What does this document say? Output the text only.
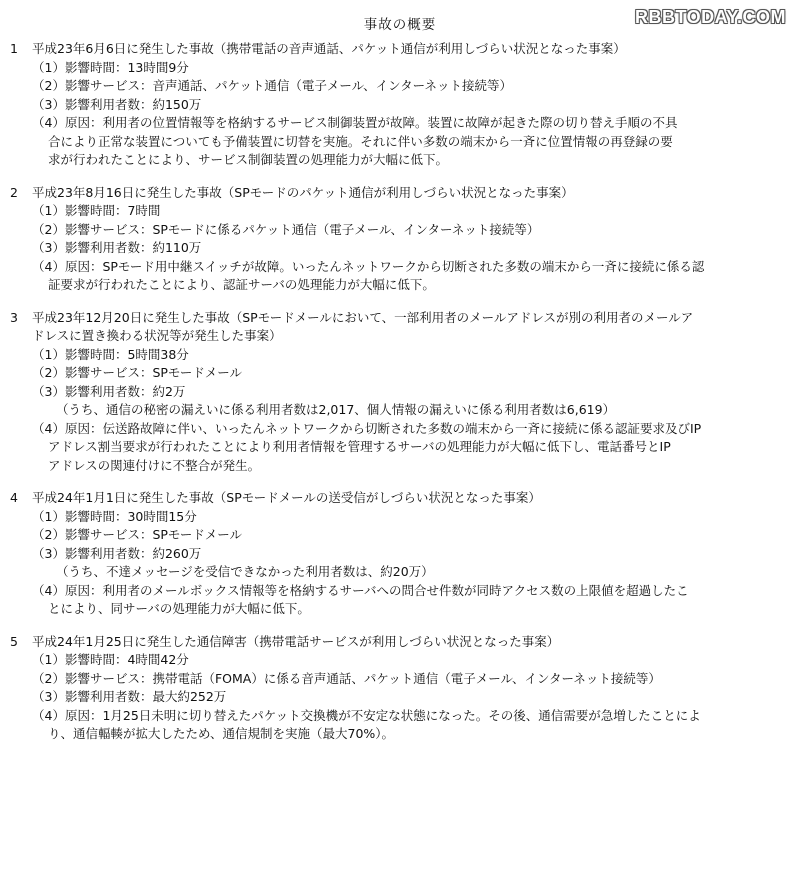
RBBTODAY.COM
事故の概要
1	平成23年6月6日に発生した事故（携帯電話の音声通話、パケット通信が利用しづらい状況となった事案）
（1）影響時間：13時間9分
（2）影響サービス：音声通話、パケット通信（電子メール、インターネット接続等）
（3）影響利用者数：約150万
（4）原因：利用者の位置情報等を格納するサービス制御装置が故障。装置に故障が起きた際の切り替え手順の不具
合により正常な装置についても予備装置に切替を実施。それに伴い多数の端末から一斉に位置情報の再登録の要
求が行われたことにより、サービス制御装置の処理能力が大幅に低下。
2	平成23年8月16日に発生した事故（SPモードのパケット通信が利用しづらい状況となった事案）
（1）影響時間：7時間
（2）影響サービス：SPモードに係るパケット通信（電子メール、インターネット接続等）
（3）影響利用者数：約110万
（4）原因：SPモード用中継スイッチが故障。いったんネットワークから切断された多数の端末から一斉に接続に係る認
証要求が行われたことにより、認証サーバの処理能力が大幅に低下。
3	平成23年12月20日に発生した事故（SPモードメールにおいて、一部利用者のメールアドレスが別の利用者のメールア
ドレスに置き換わる状況等が発生した事案）
（1）影響時間：5時間38分
（2）影響サービス：SPモードメール
（3）影響利用者数：約2万
（うち、通信の秘密の漏えいに係る利用者数は2,017、個人情報の漏えいに係る利用者数は6,619）
（4）原因：伝送路故障に伴い、いったんネットワークから切断された多数の端末から一斉に接続に係る認証要求及びIP
アドレス割当要求が行われたことにより利用者情報を管理するサーバの処理能力が大幅に低下し、電話番号とIP
アドレスの関連付けに不整合が発生。
4	平成24年1月1日に発生した事故（SPモードメールの送受信がしづらい状況となった事案）
（1）影響時間：30時間15分
（2）影響サービス：SPモードメール
（3）影響利用者数：約260万
（うち、不達メッセージを受信できなかった利用者数は、約20万）
（4）原因：利用者のメールボックス情報等を格納するサーバへの問合せ件数が同時アクセス数の上限値を超過したこ
とにより、同サーバの処理能力が大幅に低下。
5	平成24年1月25日に発生した通信障害（携帯電話サービスが利用しづらい状況となった事案）
（1）影響時間：4時間42分
（2）影響サービス：携帯電話（FOMA）に係る音声通話、パケット通信（電子メール、インターネット接続等）
（3）影響利用者数：最大約252万
（4）原因：1月25日未明に切り替えたパケット交換機が不安定な状態になった。その後、通信需要が急増したことによ
り、通信輻輳が拡大したため、通信規制を実施（最大70%）。
